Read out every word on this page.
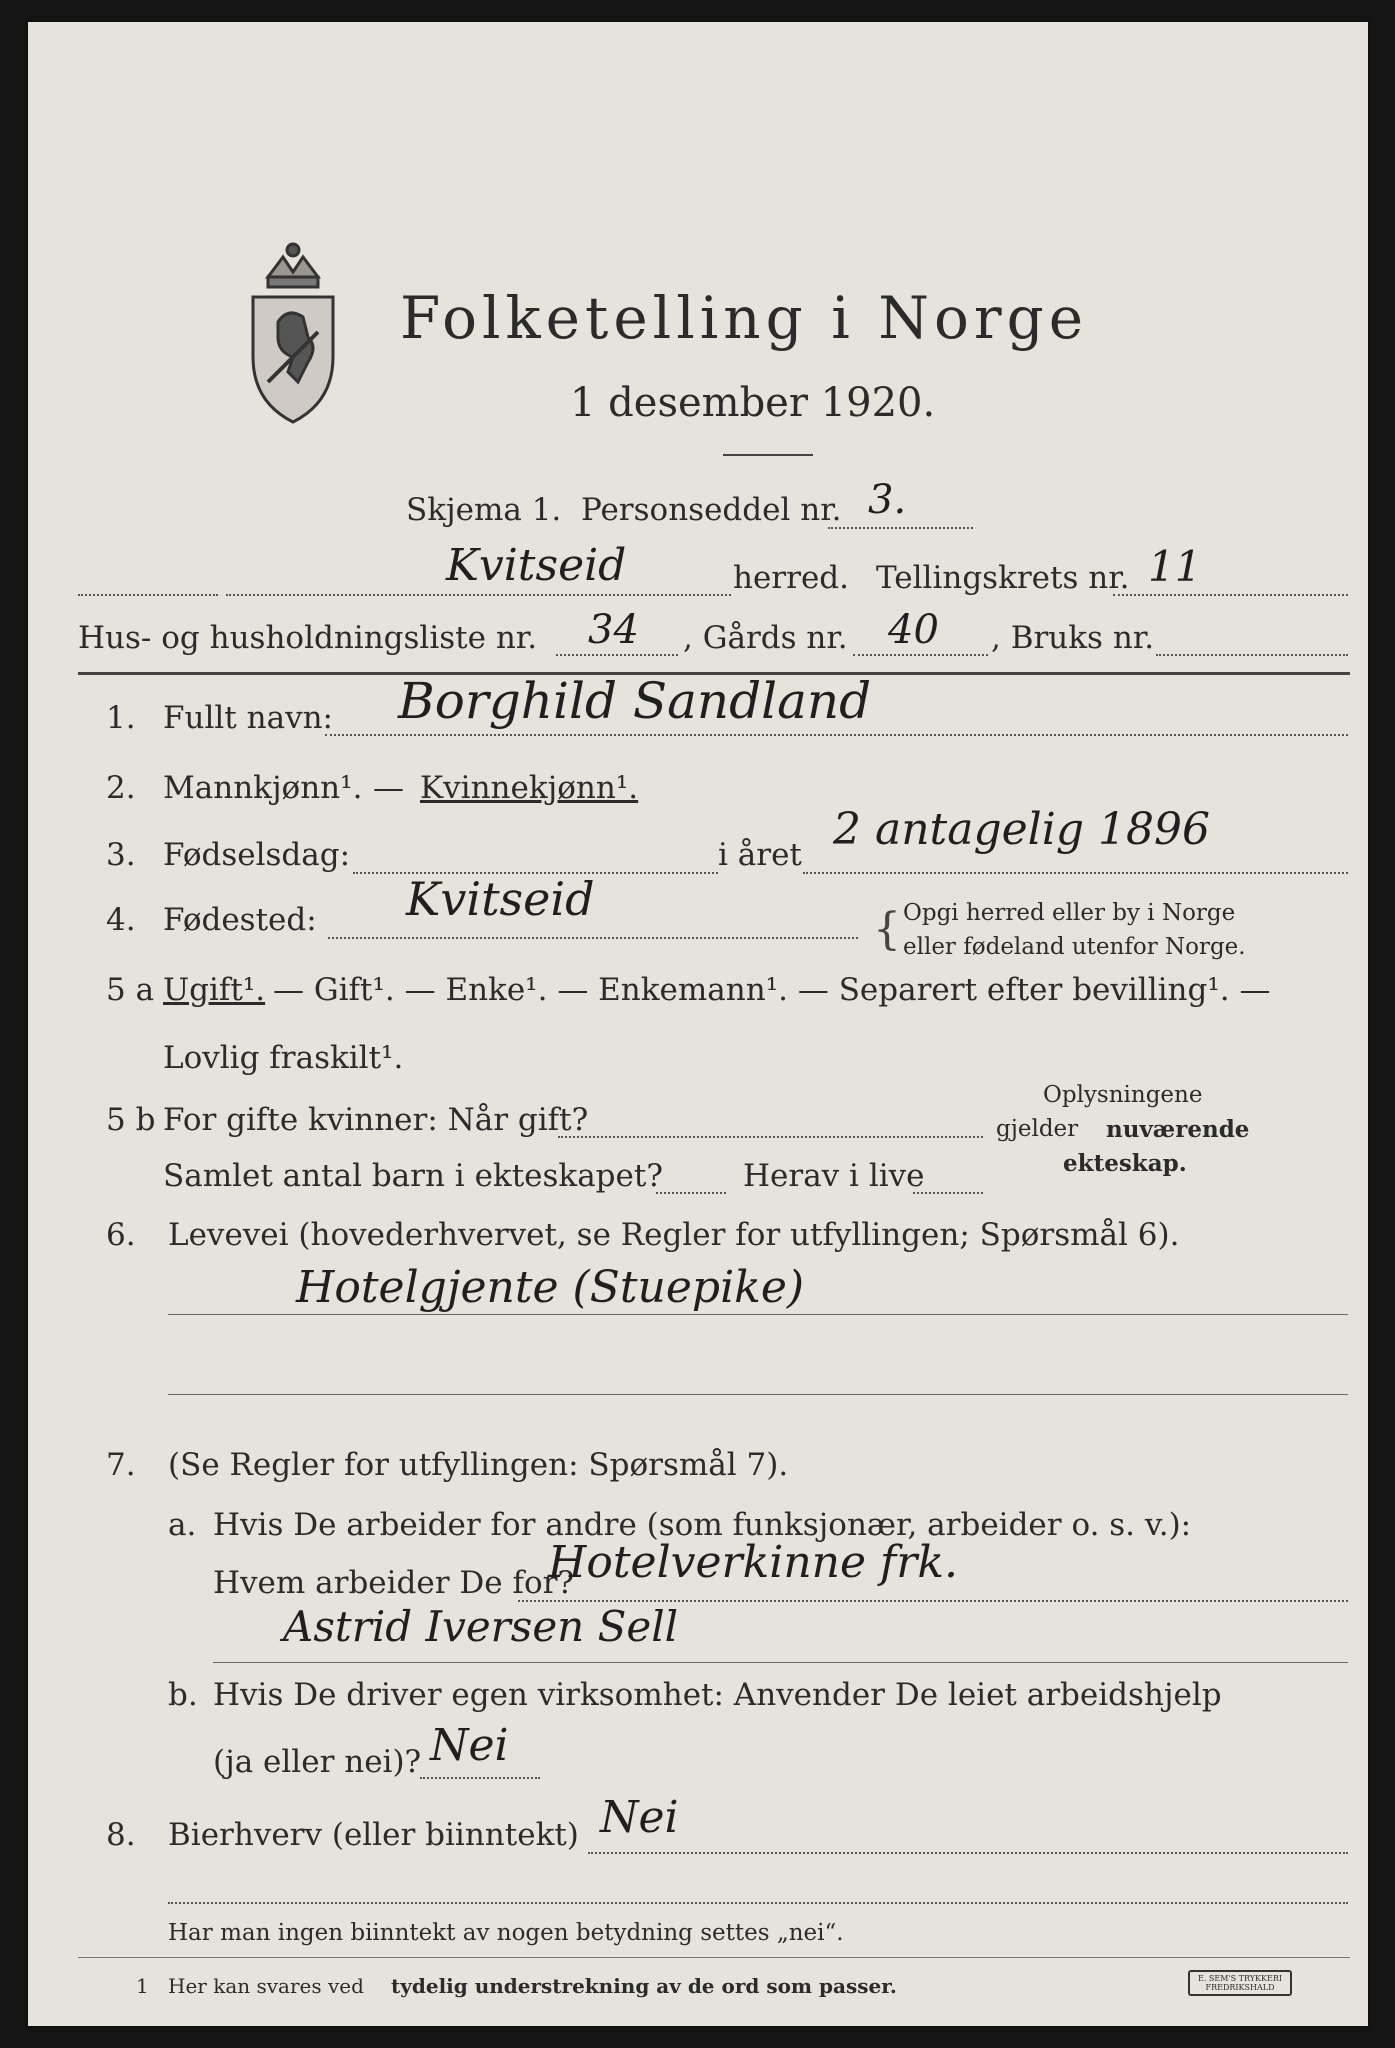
Folketelling i Norge
1 desember 1920.
Skjema 1. Personseddel nr. 3.
Kvitseid	herred. Tellingskrets nr. 11
Hus- og husholdningsliste nr. 34 , Gårds nr. 40 , Bruks nr.
1. Fullt navn: Borghild Sandland
2. Mannkjønn¹. — Kvinnekjønn¹.
3. Fødselsdag:	i året 2 antagelig 1896
4. Fødested: Kvitseid
{ Opgi herred eller by i Norge
eller fødeland utenfor Norge.
5 a Ugift¹. — Gift¹. — Enke¹. — Enkemann¹. — Separert efter bevilling¹. —
Lovlig fraskilt¹.
5 b For gifte kvinner: Når gift?
Samlet antal barn i ekteskapet?	Herav i live
Oplysningene
gjelder nuværende
ekteskap.
6. Levevei (hovederhvervet, se Regler for utfyllingen; Spørsmål 6).
Hotelgjente (Stuepike)
7. (Se Regler for utfyllingen: Spørsmål 7).
a. Hvis De arbeider for andre (som funksjonær, arbeider o. s. v.):
Hvem arbeider De for?
Hotelverkinne frk.
Astrid Iversen Sell
b. Hvis De driver egen virksomhet: Anvender De leiet arbeidshjelp
(ja eller nei)? Nei
8. Bierhverv (eller biinntekt) Nei
Har man ingen biinntekt av nogen betydning settes „nei“.
1 Her kan svares ved tydelig understrekning av de ord som passer.	E. SEM'S TRYKKERI
FREDRIKSHALD
